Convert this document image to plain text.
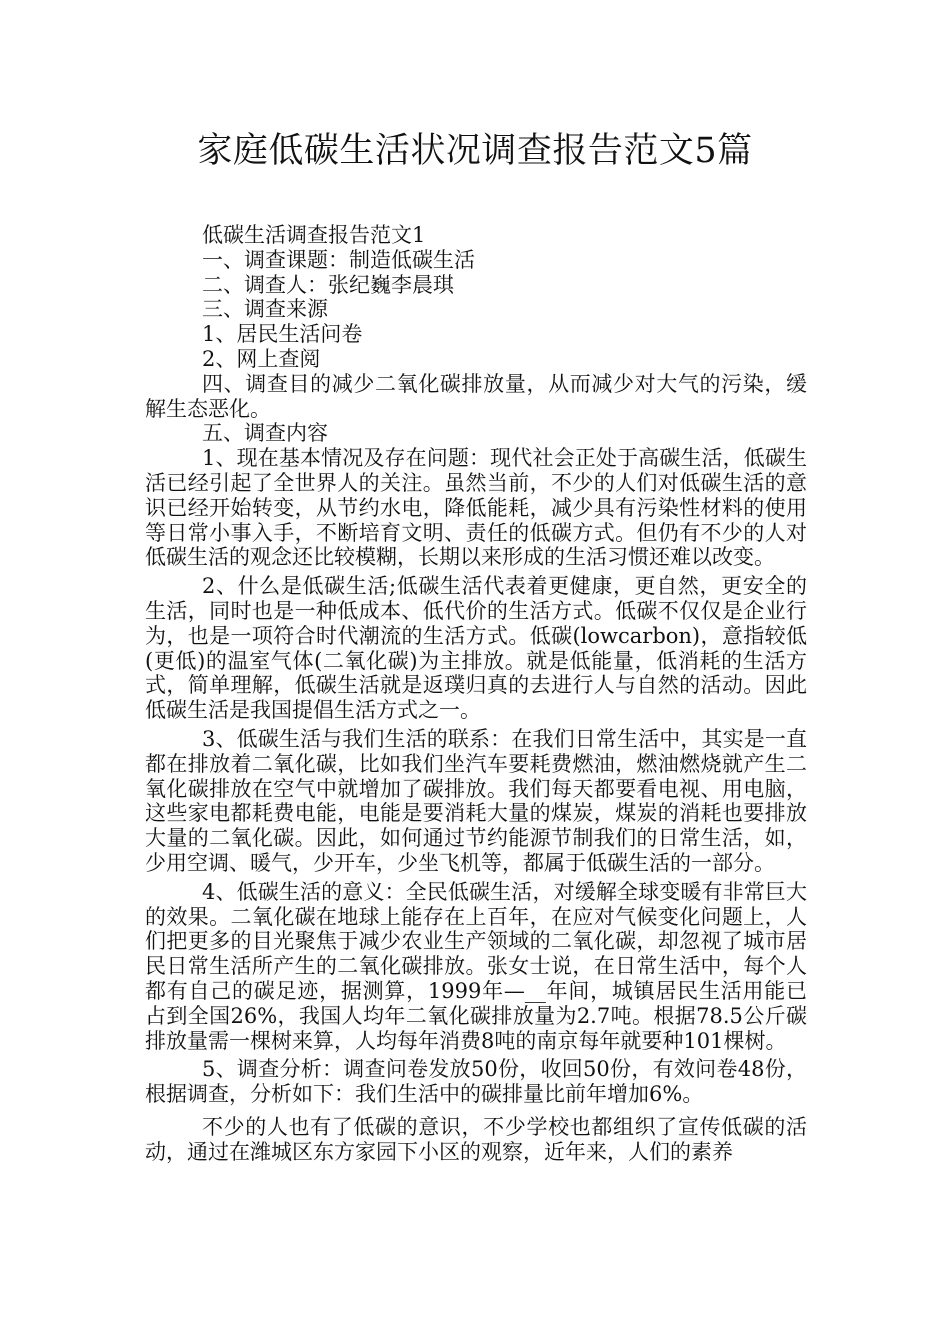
家庭低碳生活状况调查报告范文5篇

低碳生活调查报告范文1

一、调查课题：制造低碳生活

二、调查人：张纪巍李晨琪

三、调查来源

1、居民生活问卷

2、网上查阅

四、调查目的减少二氧化碳排放量，从而减少对大气的污染，缓解生态恶化。

五、调查内容

1、现在基本情况及存在问题：现代社会正处于高碳生活，低碳生活已经引起了全世界人的关注。虽然当前，不少的人们对低碳生活的意识已经开始转变，从节约水电，降低能耗，减少具有污染性材料的使用等日常小事入手，不断培育文明、责任的低碳方式。但仍有不少的人对低碳生活的观念还比较模糊，长期以来形成的生活习惯还难以改变。

2、什么是低碳生活;低碳生活代表着更健康，更自然，更安全的生活，同时也是一种低成本、低代价的生活方式。低碳不仅仅是企业行为，也是一项符合时代潮流的生活方式。低碳(lowcarbon)，意指较低(更低)的温室气体(二氧化碳)为主排放。就是低能量，低消耗的生活方式，简单理解，低碳生活就是返璞归真的去进行人与自然的活动。因此低碳生活是我国提倡生活方式之一。

3、低碳生活与我们生活的联系：在我们日常生活中，其实是一直都在排放着二氧化碳，比如我们坐汽车要耗费燃油，燃油燃烧就产生二氧化碳排放在空气中就增加了碳排放。我们每天都要看电视、用电脑，这些家电都耗费电能，电能是要消耗大量的煤炭，煤炭的消耗也要排放大量的二氧化碳。因此，如何通过节约能源节制我们的日常生活，如，少用空调、暖气，少开车，少坐飞机等，都属于低碳生活的一部分。

4、低碳生活的意义：全民低碳生活，对缓解全球变暖有非常巨大的效果。二氧化碳在地球上能存在上百年，在应对气候变化问题上，人们把更多的目光聚焦于减少农业生产领域的二氧化碳，却忽视了城市居民日常生活所产生的二氧化碳排放。张女士说，在日常生活中，每个人都有自己的碳足迹，据测算，1999年—__年间，城镇居民生活用能已占到全国26%，我国人均年二氧化碳排放量为2.7吨。根据78.5公斤碳排放量需一棵树来算，人均每年消费8吨的南京每年就要种101棵树。

5、调查分析：调查问卷发放50份，收回50份，有效问卷48份，根据调查，分析如下：我们生活中的碳排量比前年增加6%。

不少的人也有了低碳的意识，不少学校也都组织了宣传低碳的活动，通过在潍城区东方家园下小区的观察，近年来，人们的素养
